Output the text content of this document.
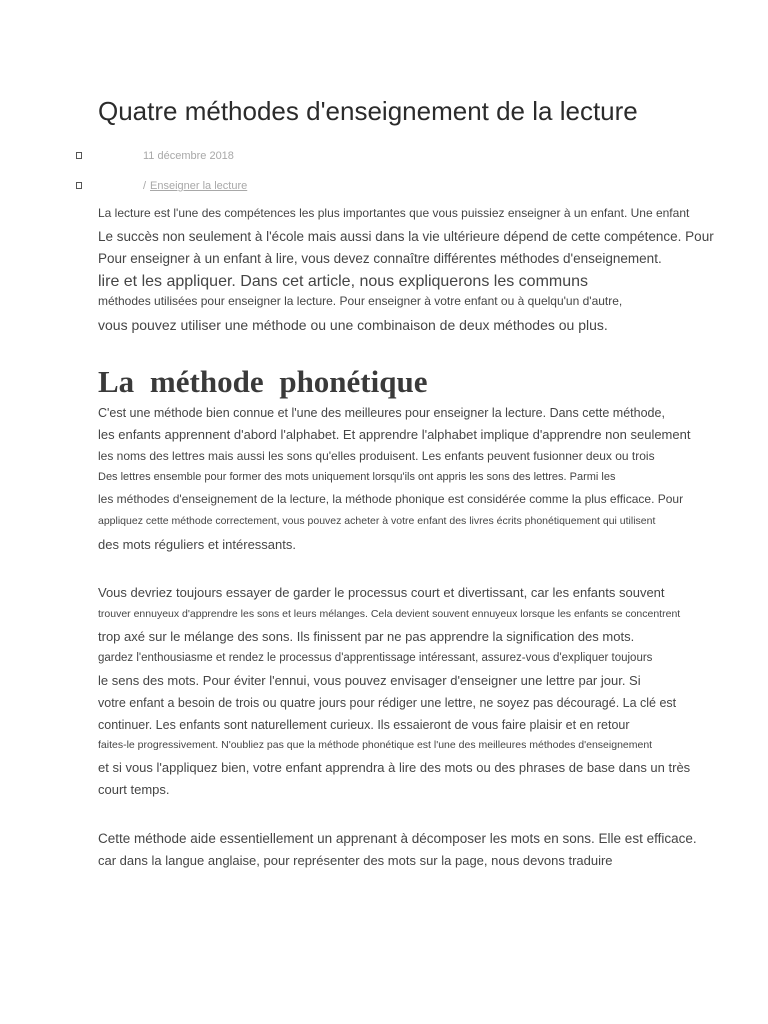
Quatre méthodes d'enseignement de la lecture
11 décembre 2018
/ Enseigner la lecture

La lecture est l'une des compétences les plus importantes que vous puissiez enseigner à un enfant. Une enfant

Le succès non seulement à l'école mais aussi dans la vie ultérieure dépend de cette compétence. Pour

Pour enseigner à un enfant à lire, vous devez connaître différentes méthodes d'enseignement.

lire et les appliquer. Dans cet article, nous expliquerons les communs

méthodes utilisées pour enseigner la lecture. Pour enseigner à votre enfant ou à quelqu'un d'autre,

vous pouvez utiliser une méthode ou une combinaison de deux méthodes ou plus.

La méthode phonétique

C'est une méthode bien connue et l'une des meilleures pour enseigner la lecture. Dans cette méthode,

les enfants apprennent d'abord l'alphabet. Et apprendre l'alphabet implique d'apprendre non seulement

les noms des lettres mais aussi les sons qu'elles produisent. Les enfants peuvent fusionner deux ou trois

Des lettres ensemble pour former des mots uniquement lorsqu'ils ont appris les sons des lettres. Parmi les

les méthodes d'enseignement de la lecture, la méthode phonique est considérée comme la plus efficace. Pour

appliquez cette méthode correctement, vous pouvez acheter à votre enfant des livres écrits phonétiquement qui utilisent

des mots réguliers et intéressants.

Vous devriez toujours essayer de garder le processus court et divertissant, car les enfants souvent

trouver ennuyeux d'apprendre les sons et leurs mélanges. Cela devient souvent ennuyeux lorsque les enfants se concentrent

trop axé sur le mélange des sons. Ils finissent par ne pas apprendre la signification des mots.

gardez l'enthousiasme et rendez le processus d'apprentissage intéressant, assurez-vous d'expliquer toujours

le sens des mots. Pour éviter l'ennui, vous pouvez envisager d'enseigner une lettre par jour. Si

votre enfant a besoin de trois ou quatre jours pour rédiger une lettre, ne soyez pas découragé. La clé est

continuer. Les enfants sont naturellement curieux. Ils essaieront de vous faire plaisir et en retour

faites-le progressivement. N'oubliez pas que la méthode phonétique est l'une des meilleures méthodes d'enseignement

et si vous l'appliquez bien, votre enfant apprendra à lire des mots ou des phrases de base dans un très

court temps.

Cette méthode aide essentiellement un apprenant à décomposer les mots en sons. Elle est efficace.

car dans la langue anglaise, pour représenter des mots sur la page, nous devons traduire
